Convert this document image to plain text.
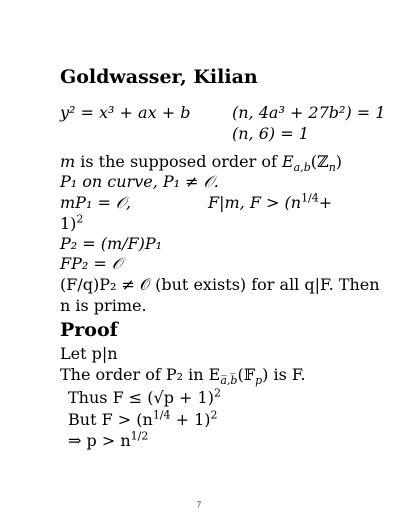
Goldwasser, Kilian
y² = x³ + ax + b	(n, 4a³ + 27b²) = 1
(n, 6) = 1
m is the supposed order of $E_{a,b}(ℤ_n)$
P₁ on curve, P₁ ≠ 𝒪.
mP₁ = 𝒪,	F|m, $F > (n^{1/4}+$
1)$^2$
P₂ = (m/F)P₁
FP₂ = 𝒪
(F/q)P₂ ≠ 𝒪 (but exists) for all q|F. Then
n is prime.
Proof
Let p|n
The order of P₂ in $E_{a̅,b̅}(𝔽_p)$ is F.
Thus $F \le (√p + 1)^2$
But $F > (n^{1/4} + 1)^2$
⇒ $p > n^{1/2}$
7
